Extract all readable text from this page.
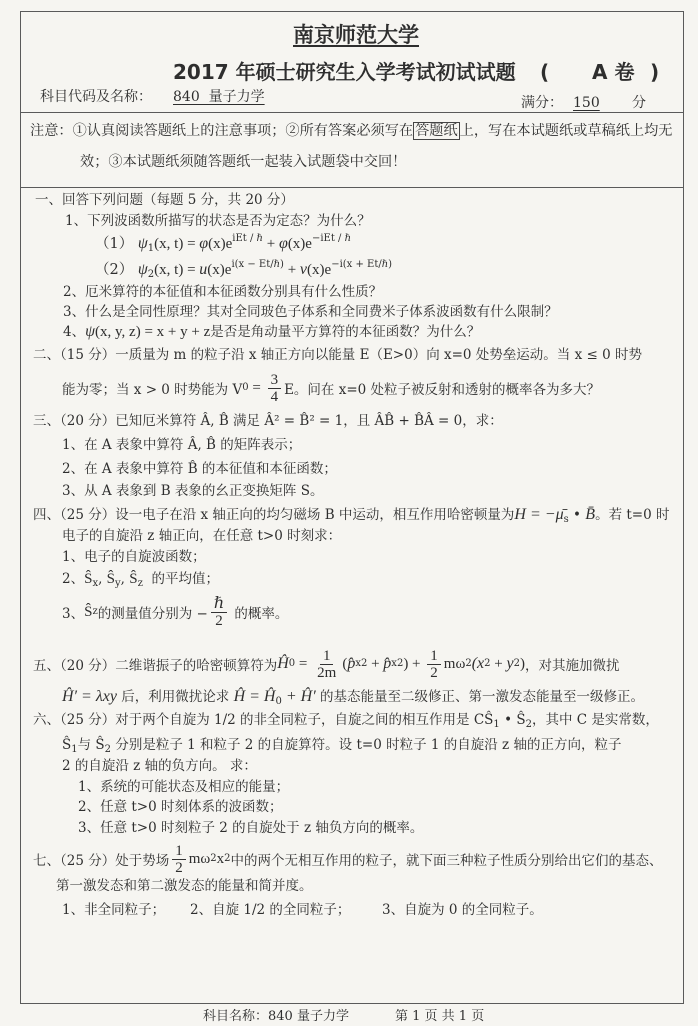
南京师范大学
2017 年硕士研究生入学考试初试试题 ( A 卷 )
科目代码及名称： 840  量子力学	满分： 150 分
注意：①认真阅读答题纸上的注意事项；②所有答案必须写在 答题纸 上，写在本试题纸或草稿纸上均无
效；③本试题纸须随答题纸一起装入试题袋中交回！
一、回答下列问题（每题 5 分，共 20 分）
1、下列波函数所描写的状态是否为定态？为什么？
（1） $\psi_1(x$, $t) = \varphi(x)e^{iEt / \hbar} + \varphi(x)e^{-iEt / \hbar}$
（2） $\psi_2(x$, $t) = u(x)e^{i(x - Et/\hbar)} + v(x)e^{-i(x + Et/\hbar)}$
2、厄米算符的本征值和本征函数分别具有什么性质？
3、什么是全同性原理？其对全同玻色子体系和全同费米子体系波函数有什么限制？
4、ψ(x, y, z) = x + y + z是否是角动量平方算符的本征函数？为什么？
二、（15 分）一质量为 m 的粒子沿 x 轴正方向以能量 E（E>0）向 x=0 处势垒运动。当 x ≤ 0 时势
能为零；当 x > 0 时势能为 V $0 = \frac{3}{4}$ E。问在 x=0 处粒子被反射和透射的概率各为多大？
三、（20 分）已知厄米算符 Â, B̂ 满足 Â² = B̂² = 1，且 ÂB̂ + B̂Â = 0，求：
1、在 A 表象中算符 Â, B̂ 的矩阵表示；
2、在 A 表象中算符 B̂ 的本征值和本征函数；
3、从 A 表象到 B 表象的幺正变换矩阵 S。
四、（25 分）设一电子在沿 x 轴正向的均匀磁场 B 中运动，相互作用哈密顿量为$H = -\mū_s$ • B̄。若 t=0 时
电子的自旋沿 z 轴正向，在任意 t>0 时刻求：
1、电子的自旋波函数；
2、$Ŝ_x$, $Ŝ_y$, $Ŝ_z$  的平均值；
3、 Ŝ z 的测量值分别为 − $\frac{\text{ℏ}}{2}$ 的概率。
五、（20 分）二维谐振子的哈密顿算符为 Ĥ $0 = \frac{1}{2m}$ ( p̂ x 2 + p̂ x 2 ) + $\frac{1}{2}$ mω 2 (x 2 + y 2 ) ，对其施加微扰
Ĥ′ = λxy 后，利用微扰论求 Ĥ = $Ĥ_0$ + Ĥ′ 的基态能量至二级修正、第一激发态能量至一级修正。
六、（25 分）对于两个自旋为 1/2 的非全同粒子，自旋之间的相互作用是 $CŜ_1$ • $Ŝ_2$，其中 C 是实常数，
$Ŝ_1$与 $Ŝ_2$ 分别是粒子 1 和粒子 2 的自旋算符。设 t=0 时粒子 1 的自旋沿 z 轴的正方向，粒子
2 的自旋沿 z 轴的负方向。 求：
1、系统的可能状态及相应的能量；
2、任意 t>0 时刻体系的波函数；
3、任意 t>0 时刻粒子 2 的自旋处于 z 轴负方向的概率。
七、（25 分）处于势场 $\frac{1}{2}$ mω 2 x 2 中的两个无相互作用的粒子，就下面三种粒子性质分别给出它们的基态、
第一激发态和第二激发态的能量和简并度。
1、非全同粒子； 2、自旋 1/2 的全同粒子； 3、自旋为 0 的全同粒子。
科目名称：840 量子力学	第 1 页 共 1 页
